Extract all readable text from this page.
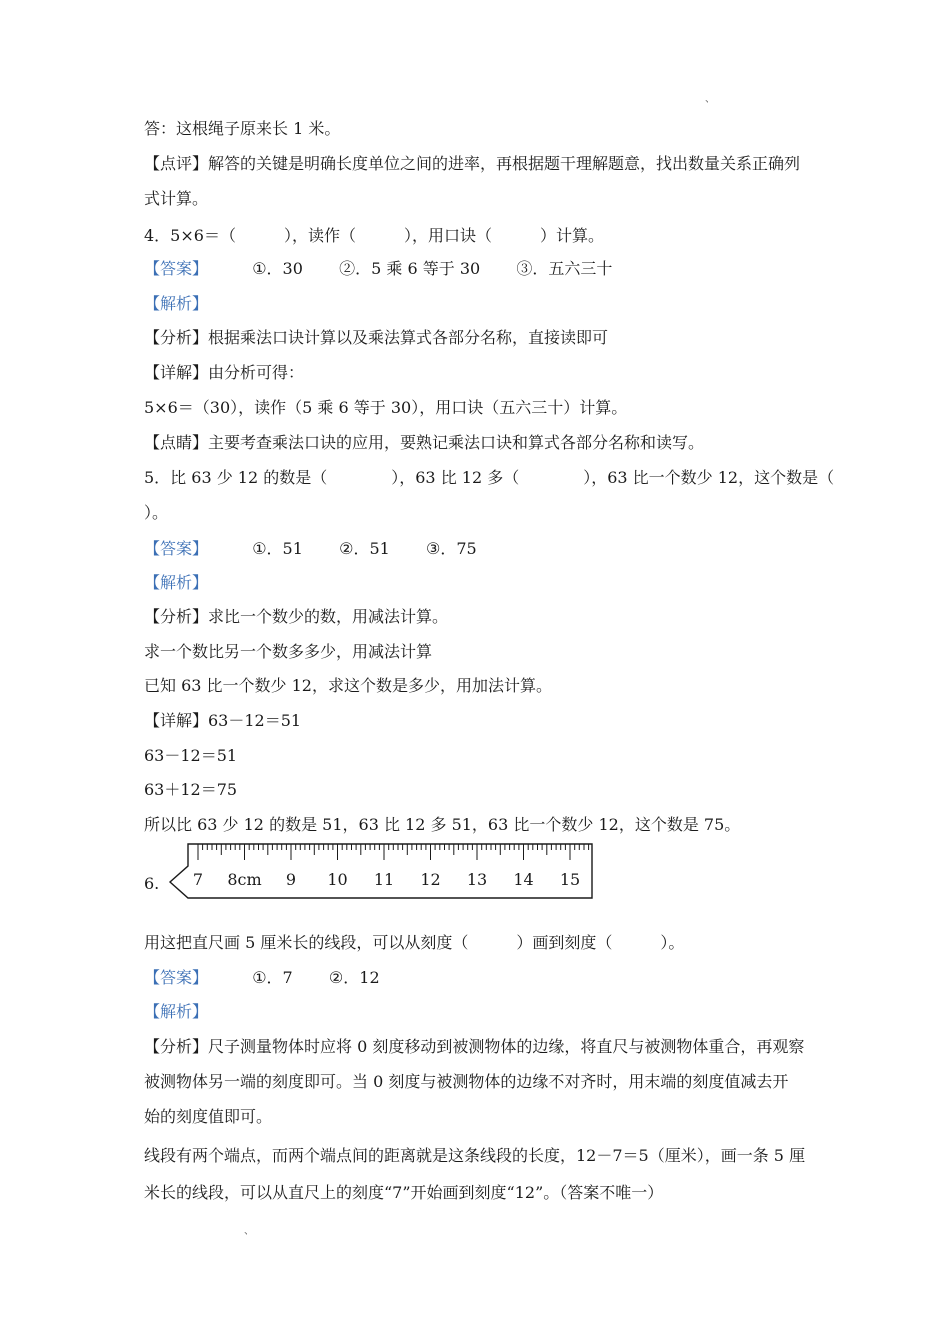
、
答：这根绳子原来长 1 米。
【点评】解答的关键是明确长度单位之间的进率，再根据题干理解题意，找出数量关系正确列
式计算。
4．5×6＝（　　　），读作（　　　），用口诀（　　　）计算。
【答案】	①．30 ②．5 乘 6 等于 30 ③．五六三十
【解析】
【分析】根据乘法口诀计算以及乘法算式各部分名称，直接读即可
【详解】由分析可得：
5×6＝（30），读作（5 乘 6 等于 30），用口诀（五六三十）计算。
【点睛】主要考查乘法口诀的应用，要熟记乘法口诀和算式各部分名称和读写。
5．比 63 少 12 的数是（　　　　），63 比 12 多（　　　　），63 比一个数少 12，这个数是（
）。
【答案】	①．51 ②．51 ③．75
【解析】
【分析】求比一个数少的数，用减法计算。
求一个数比另一个数多多少，用减法计算
已知 63 比一个数少 12，求这个数是多少，用加法计算。
【详解】63－12＝51
63－12＝51
63＋12＝75
所以比 63 少 12 的数是 51，63 比 12 多 51，63 比一个数少 12，这个数是 75。
6. 7 8cm 9 10 11 12 13 14 15
用这把直尺画 5 厘米长的线段，可以从刻度（　　　）画到刻度（　　　）。
【答案】	①．7 ②．12
【解析】
【分析】尺子测量物体时应将 0 刻度移动到被测物体的边缘，将直尺与被测物体重合，再观察
被测物体另一端的刻度即可。当 0 刻度与被测物体的边缘不对齐时，用末端的刻度值减去开
始的刻度值即可。
线段有两个端点，而两个端点间的距离就是这条线段的长度，12－7＝5（厘米），画一条 5 厘
米长的线段，可以从直尺上的刻度“7”开始画到刻度“12”。（答案不唯一）
、
